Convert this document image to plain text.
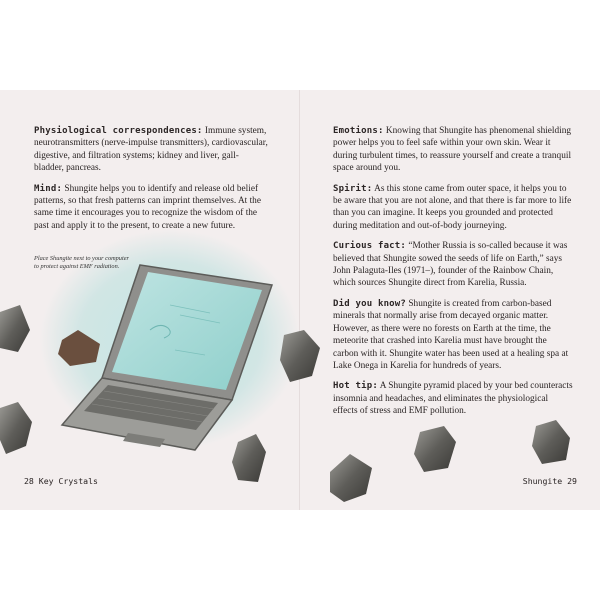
Physiological correspondences: Immune system, neurotransmitters (nerve-impulse transmitters), cardiovascular, digestive, and filtration systems; kidney and liver, gall-bladder, pancreas.

Mind: Shungite helps you to identify and release old belief patterns, so that fresh patterns can imprint themselves. At the same time it encourages you to recognize the wisdom of the past and apply it to the present, to create a new future.

Place Shungite next to your computer to protect against EMF radiation.

Emotions: Knowing that Shungite has phenomenal shielding power helps you to feel safe within your own skin. Wear it during turbulent times, to reassure yourself and create a tranquil space around you.

Spirit: As this stone came from outer space, it helps you to be aware that you are not alone, and that there is far more to life than you can imagine. It keeps you grounded and protected during meditation and out-of-body journeying.

Curious fact: “Mother Russia is so-called because it was believed that Shungite sowed the seeds of life on Earth,” says John Palaguta-Iles (1971–), founder of the Rainbow Chain, which sources Shungite direct from Karelia, Russia.

Did you know? Shungite is created from carbon-based minerals that normally arise from decayed organic matter. However, as there were no forests on Earth at the time, the meteorite that crashed into Karelia must have brought the carbon with it. Shungite water has been used at a healing spa at Lake Onega in Karelia for hundreds of years.

Hot tip: A Shungite pyramid placed by your bed counteracts insomnia and headaches, and eliminates the physiological effects of stress and EMF pollution.

28 Key Crystals	Shungite 29
